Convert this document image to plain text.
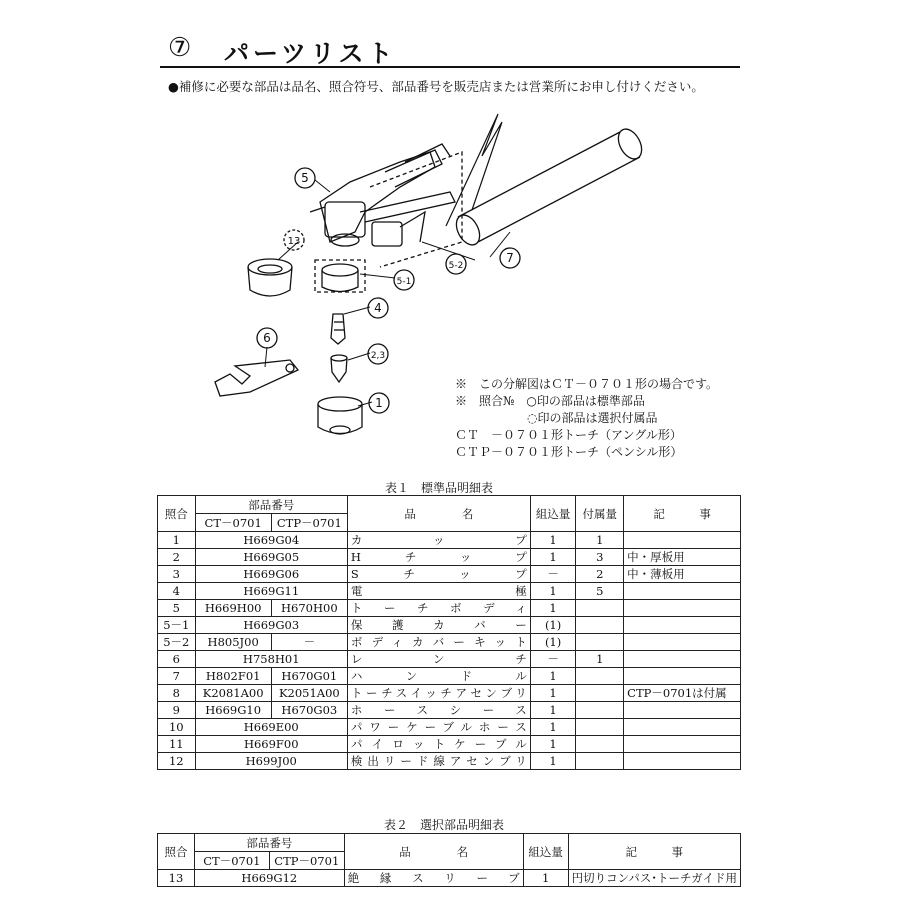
⑦ パーツリスト
●補修に必要な部品は品名、照合符号、部品番号を販売店または営業所にお申し付けください。
5
13
5-2
7
5-1
4
6
2,3
1
※　この分解図はＣＴ－０７０１形の場合です。
※　照合№　○印の部品は標準部品
　　　　　　◌印の部品は選択付属品
ＣＴ　－０７０１形トーチ（アングル形）
ＣＴＰ－０７０１形トーチ（ペンシル形）
表１　標準品明細表
照合	部品番号		品　　　　名	組込量	付属量	記　　　事
	CT－0701	CTP－0701				
1	H669G04		カップ	1	1	
2	H669G05		Hチップ	1	3	中・厚板用
3	H669G06		Sチップ	－	2	中・薄板用
4	H669G11		電極	1	5	
5	H669H00	H670H00	トーチボディ	1		
5－1	H669G03		保護カバー	(1)		
5－2	H805J00	－	ボディカバーキット	(1)		
6	H758H01		レンチ	－	1	
7	H802F01	H670G01	ハンドル	1		
8	K2081A00	K2051A00	トーチスイッチアセンブリ	1		CTP－0701は付属
9	H669G10	H670G03	ホースシース	1		
10	H669E00		パワーケーブルホース	1		
11	H669F00		パイロットケーブル	1		
12	H699J00		検出リード線アセンブリ	1		
表２　選択部品明細表
照合	部品番号		品　　　　名	組込量	記　　　事
	CT－0701	CTP－0701			
13	H669G12		絶縁スリーブ	1	円切りコンパス･トーチガイド用
